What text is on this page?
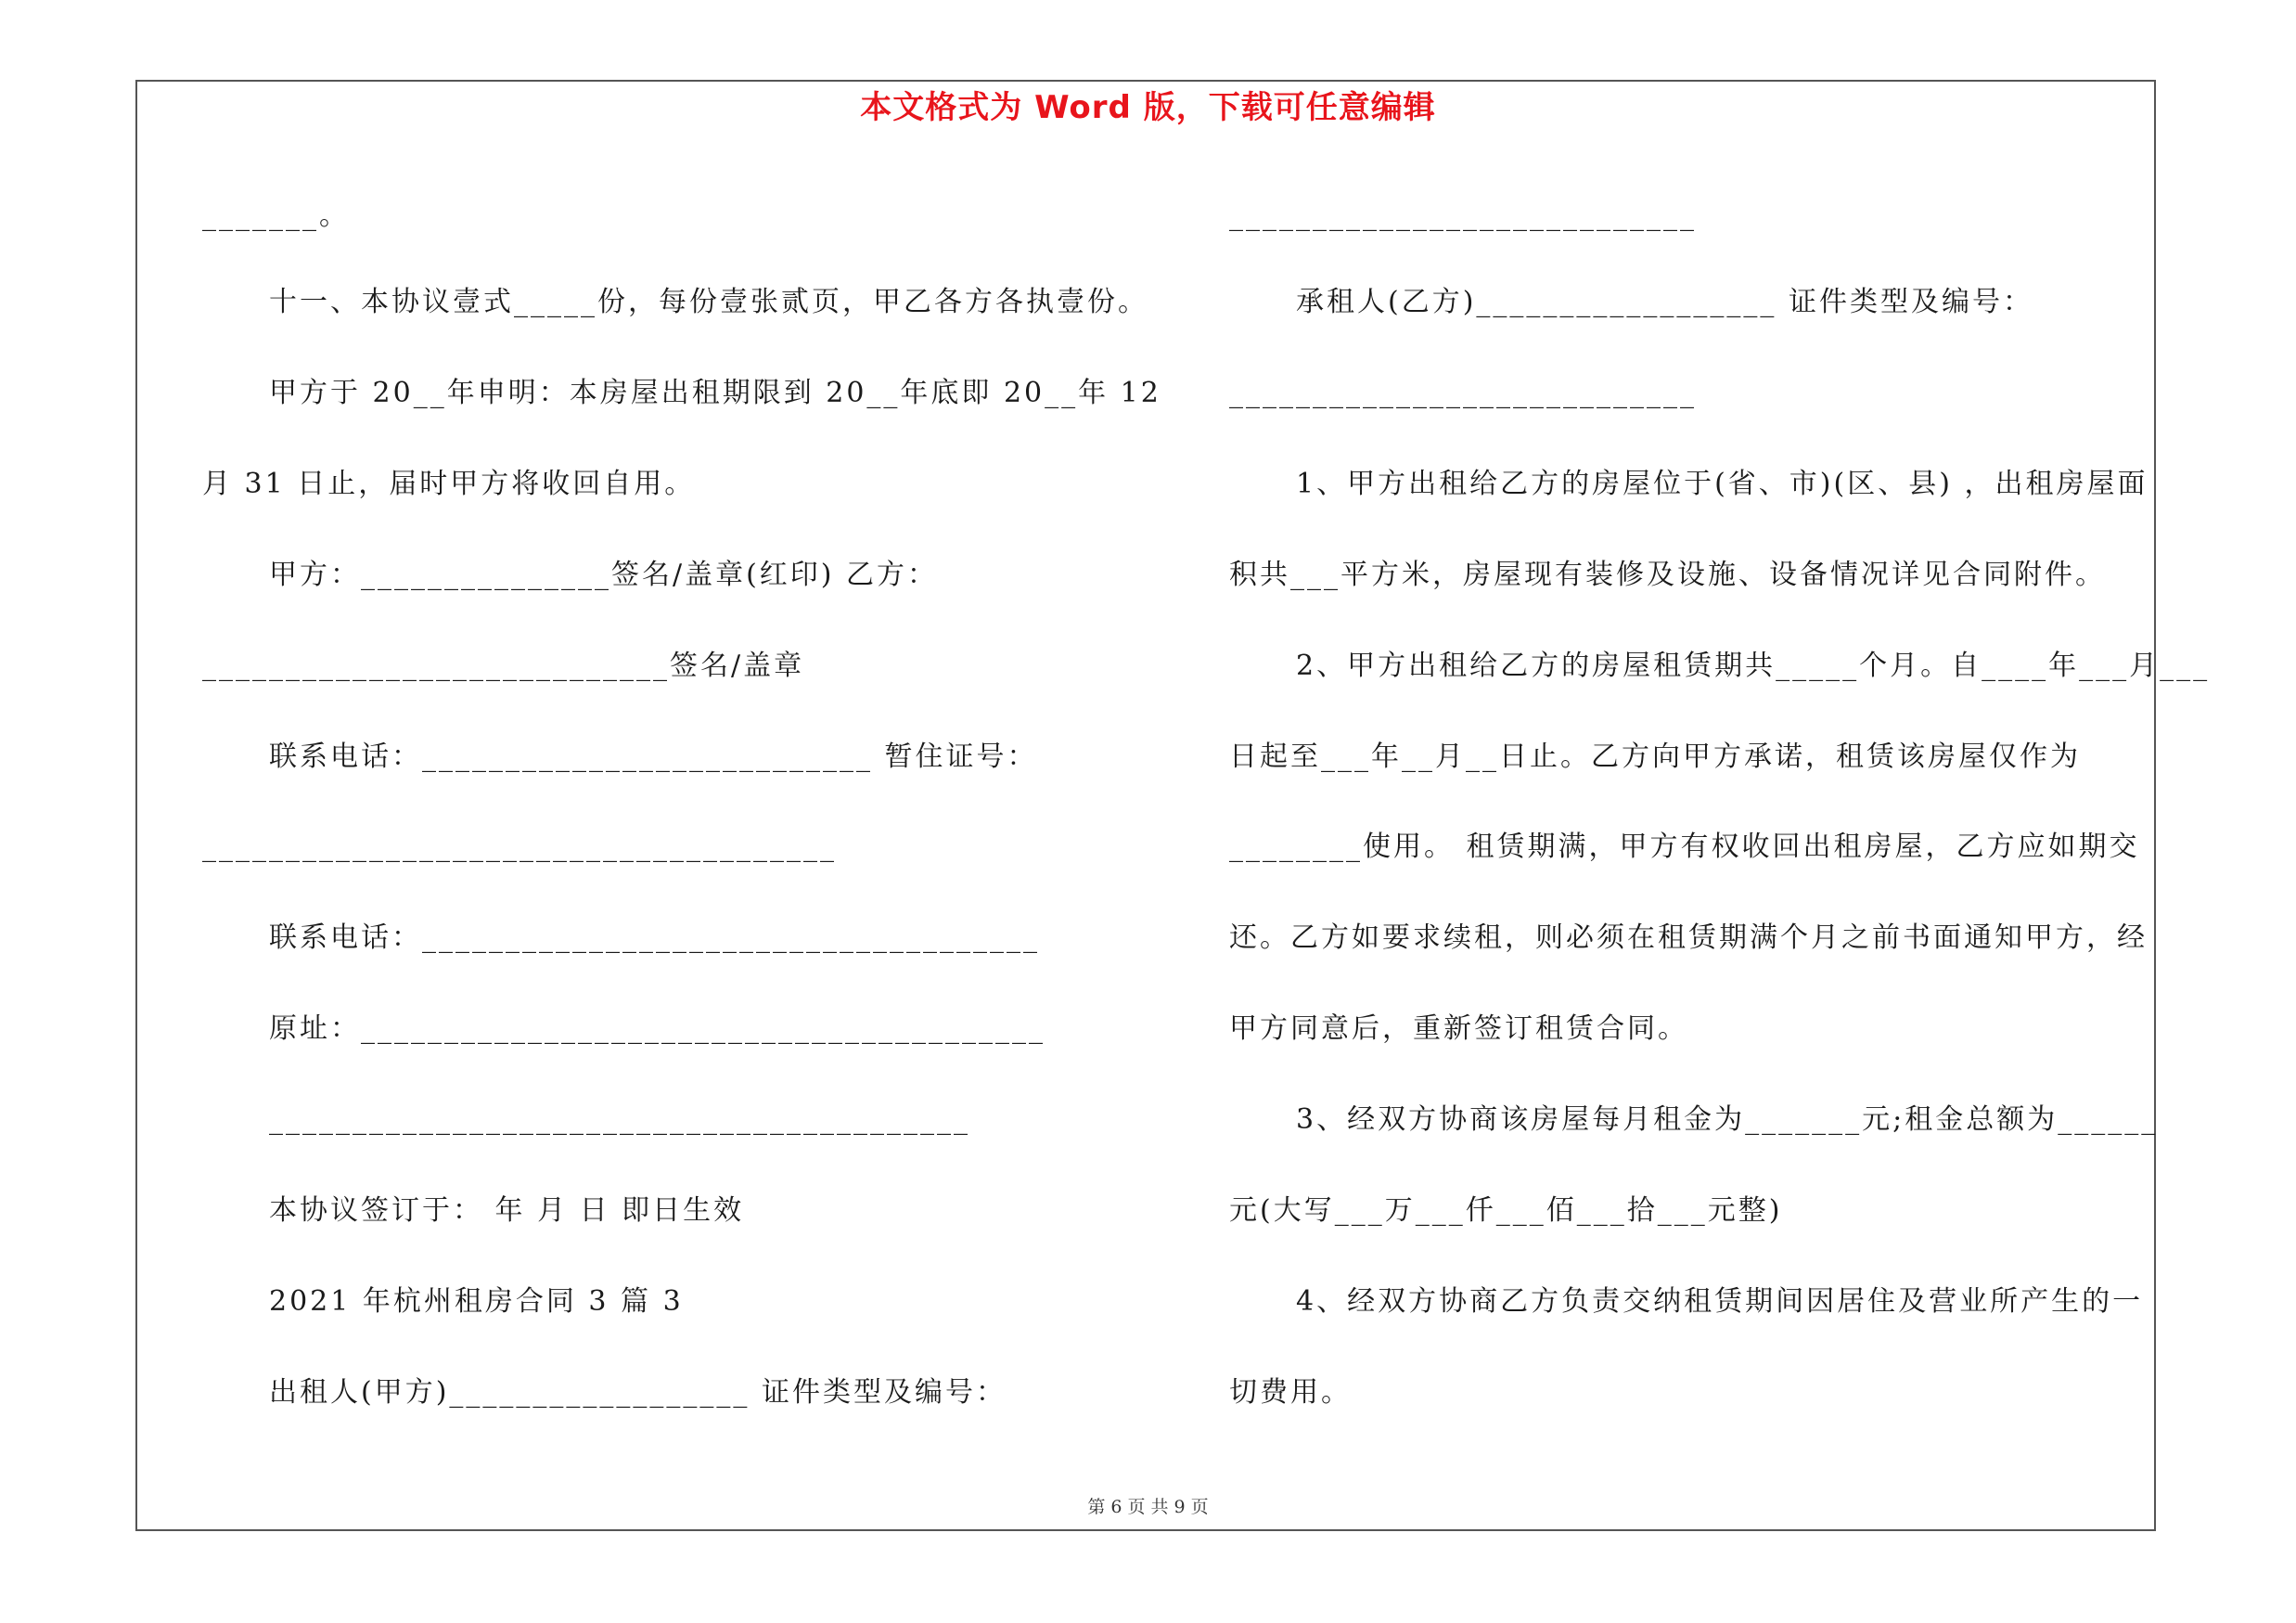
本文格式为 Word 版，下载可任意编辑
_______。
十一、本协议壹式_____份，每份壹张贰页，甲乙各方各执壹份。
甲方于 20__年申明：本房屋出租期限到 20__年底即 20__年 12
月 31 日止，届时甲方将收回自用。
甲方：_______________签名/盖章(红印) 乙方：
____________________________签名/盖章
联系电话：___________________________ 暂住证号：
______________________________________
联系电话：_____________________________________
原址：_________________________________________
__________________________________________
本协议签订于： 年 月 日 即日生效
2021 年杭州租房合同 3 篇 3
出租人(甲方)__________________ 证件类型及编号：
____________________________
承租人(乙方)__________________ 证件类型及编号：
____________________________
1、甲方出租给乙方的房屋位于(省、市)(区、县) ，出租房屋面
积共___平方米，房屋现有装修及设施、设备情况详见合同附件。
2、甲方出租给乙方的房屋租赁期共_____个月。自____年___月___
日起至___年__月__日止。乙方向甲方承诺，租赁该房屋仅作为
________使用。 租赁期满，甲方有权收回出租房屋，乙方应如期交
还。乙方如要求续租，则必须在租赁期满个月之前书面通知甲方，经
甲方同意后，重新签订租赁合同。
3、经双方协商该房屋每月租金为_______元;租金总额为______
元(大写___万___仟___佰___拾___元整)
4、经双方协商乙方负责交纳租赁期间因居住及营业所产生的一
切费用。
第 6 页 共 9 页
